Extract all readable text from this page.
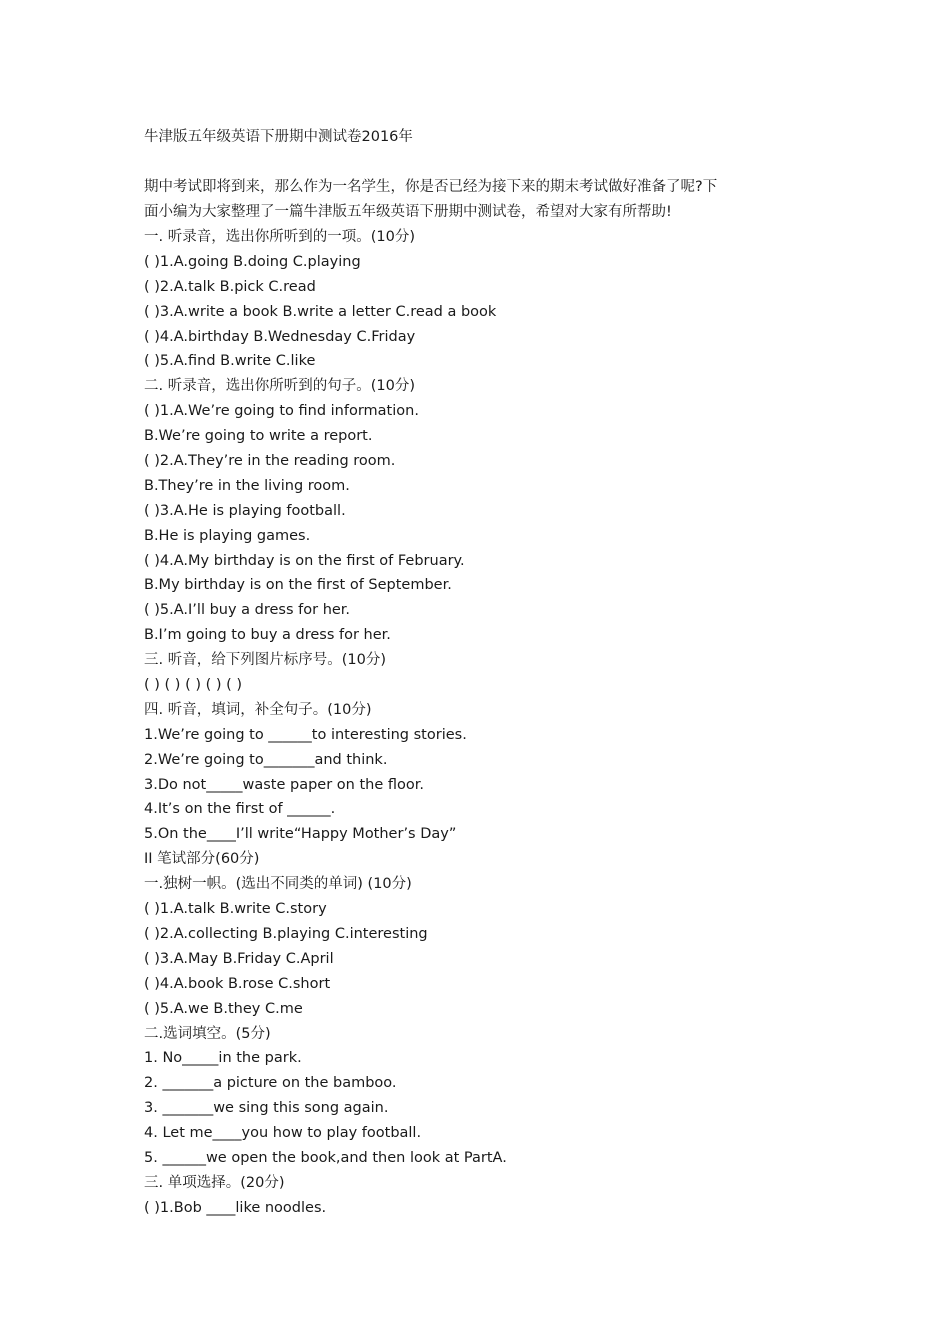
牛津版五年级英语下册期中测试卷2016年

期中考试即将到来，那么作为一名学生，你是否已经为接下来的期末考试做好准备了呢?下

面小编为大家整理了一篇牛津版五年级英语下册期中测试卷，希望对大家有所帮助!

一. 听录音，选出你所听到的一项。(10分)
( )1.A.going B.doing C.playing
( )2.A.talk B.pick C.read
( )3.A.write a book B.write a letter C.read a book
( )4.A.birthday B.Wednesday C.Friday
( )5.A.find B.write C.like
二. 听录音，选出你所听到的句子。(10分)
( )1.A.We’re going to find information.
B.We’re going to write a report.
( )2.A.They’re in the reading room.
B.They’re in the living room.
( )3.A.He is playing football.
B.He is playing games.
( )4.A.My birthday is on the first of February.
B.My birthday is on the first of September.
( )5.A.I’ll buy a dress for her.
B.I’m going to buy a dress for her.
三. 听音，给下列图片标序号。(10分)
( ) ( ) ( ) ( ) ( )
四. 听音，填词，补全句子。(10分)
1.We’re going to ______to interesting stories.
2.We’re going to_______and think.
3.Do not_____waste paper on the floor.
4.It’s on the first of ______.
5.On the____I’ll write“Happy Mother’s Day”
II 笔试部分(60分)
一.独树一帜。(选出不同类的单词) (10分)
( )1.A.talk B.write C.story
( )2.A.collecting B.playing C.interesting
( )3.A.May B.Friday C.April
( )4.A.book B.rose C.short
( )5.A.we B.they C.me
二.选词填空。(5分)
1. No_____in the park.
2. _______a picture on the bamboo.
3. _______we sing this song again.
4. Let me____you how to play football.
5. ______we open the book,and then look at PartA.
三. 单项选择。(20分)
( )1.Bob ____like noodles.
